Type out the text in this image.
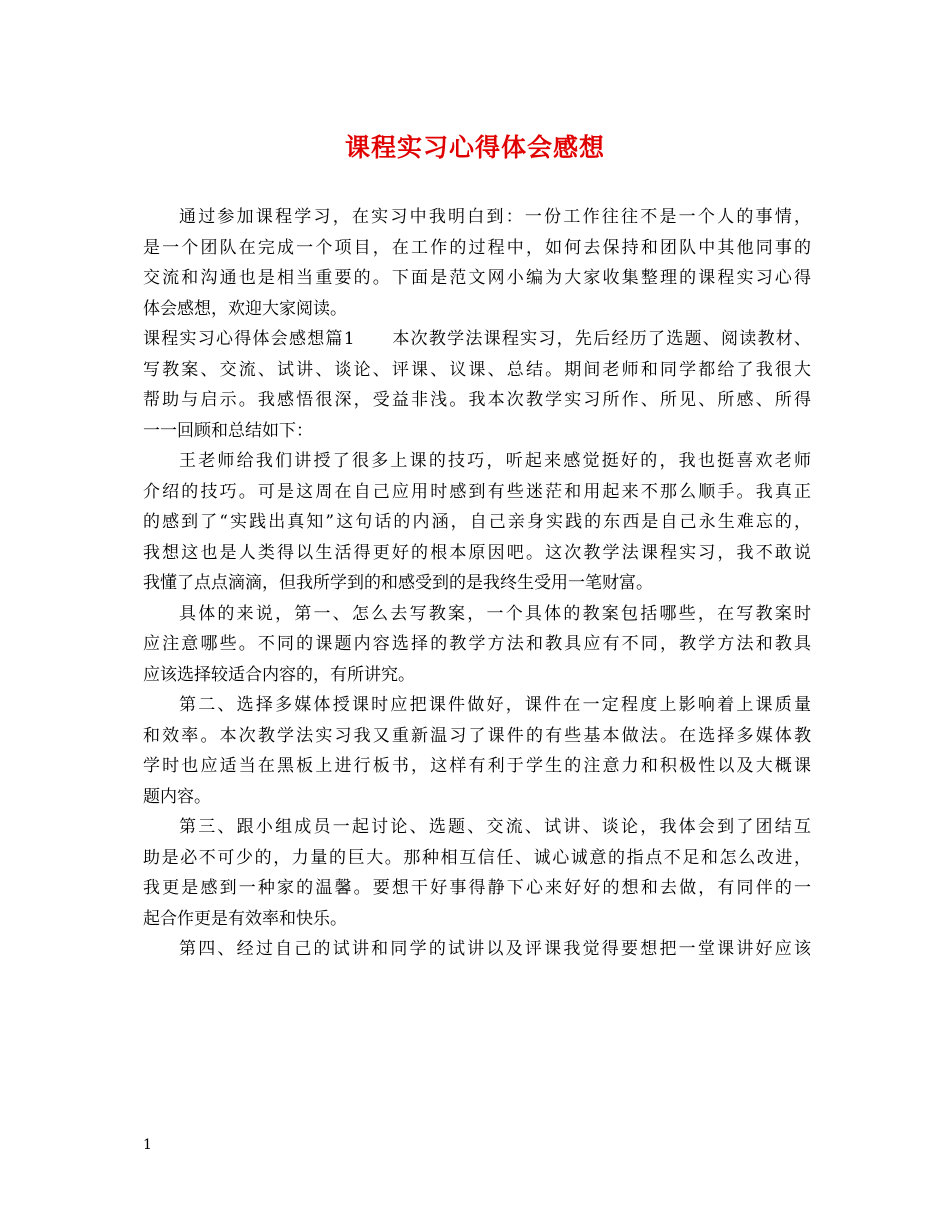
课程实习心得体会感想
通过参加课程学习，在实习中我明白到：一份工作往往不是一个人的事情，
是一个团队在完成一个项目，在工作的过程中，如何去保持和团队中其他同事的
交流和沟通也是相当重要的。下面是范文网小编为大家收集整理的课程实习心得
体会感想，欢迎大家阅读。
课程实习心得体会感想篇1　　本次教学法课程实习，先后经历了选题、阅读教材、
写教案、交流、试讲、谈论、评课、议课、总结。期间老师和同学都给了我很大
帮助与启示。我感悟很深，受益非浅。我本次教学实习所作、所见、所感、所得
一一回顾和总结如下：
王老师给我们讲授了很多上课的技巧，听起来感觉挺好的，我也挺喜欢老师
介绍的技巧。可是这周在自己应用时感到有些迷茫和用起来不那么顺手。我真正
的感到了“实践出真知”这句话的内涵，自己亲身实践的东西是自己永生难忘的，
我想这也是人类得以生活得更好的根本原因吧。这次教学法课程实习，我不敢说
我懂了点点滴滴，但我所学到的和感受到的是我终生受用一笔财富。
具体的来说，第一、怎么去写教案，一个具体的教案包括哪些，在写教案时
应注意哪些。不同的课题内容选择的教学方法和教具应有不同，教学方法和教具
应该选择较适合内容的，有所讲究。
第二、选择多媒体授课时应把课件做好，课件在一定程度上影响着上课质量
和效率。本次教学法实习我又重新温习了课件的有些基本做法。在选择多媒体教
学时也应适当在黑板上进行板书，这样有利于学生的注意力和积极性以及大概课
题内容。
第三、跟小组成员一起讨论、选题、交流、试讲、谈论，我体会到了团结互
助是必不可少的，力量的巨大。那种相互信任、诚心诚意的指点不足和怎么改进，
我更是感到一种家的温馨。要想干好事得静下心来好好的想和去做，有同伴的一
起合作更是有效率和快乐。
第四、经过自己的试讲和同学的试讲以及评课我觉得要想把一堂课讲好应该
1
